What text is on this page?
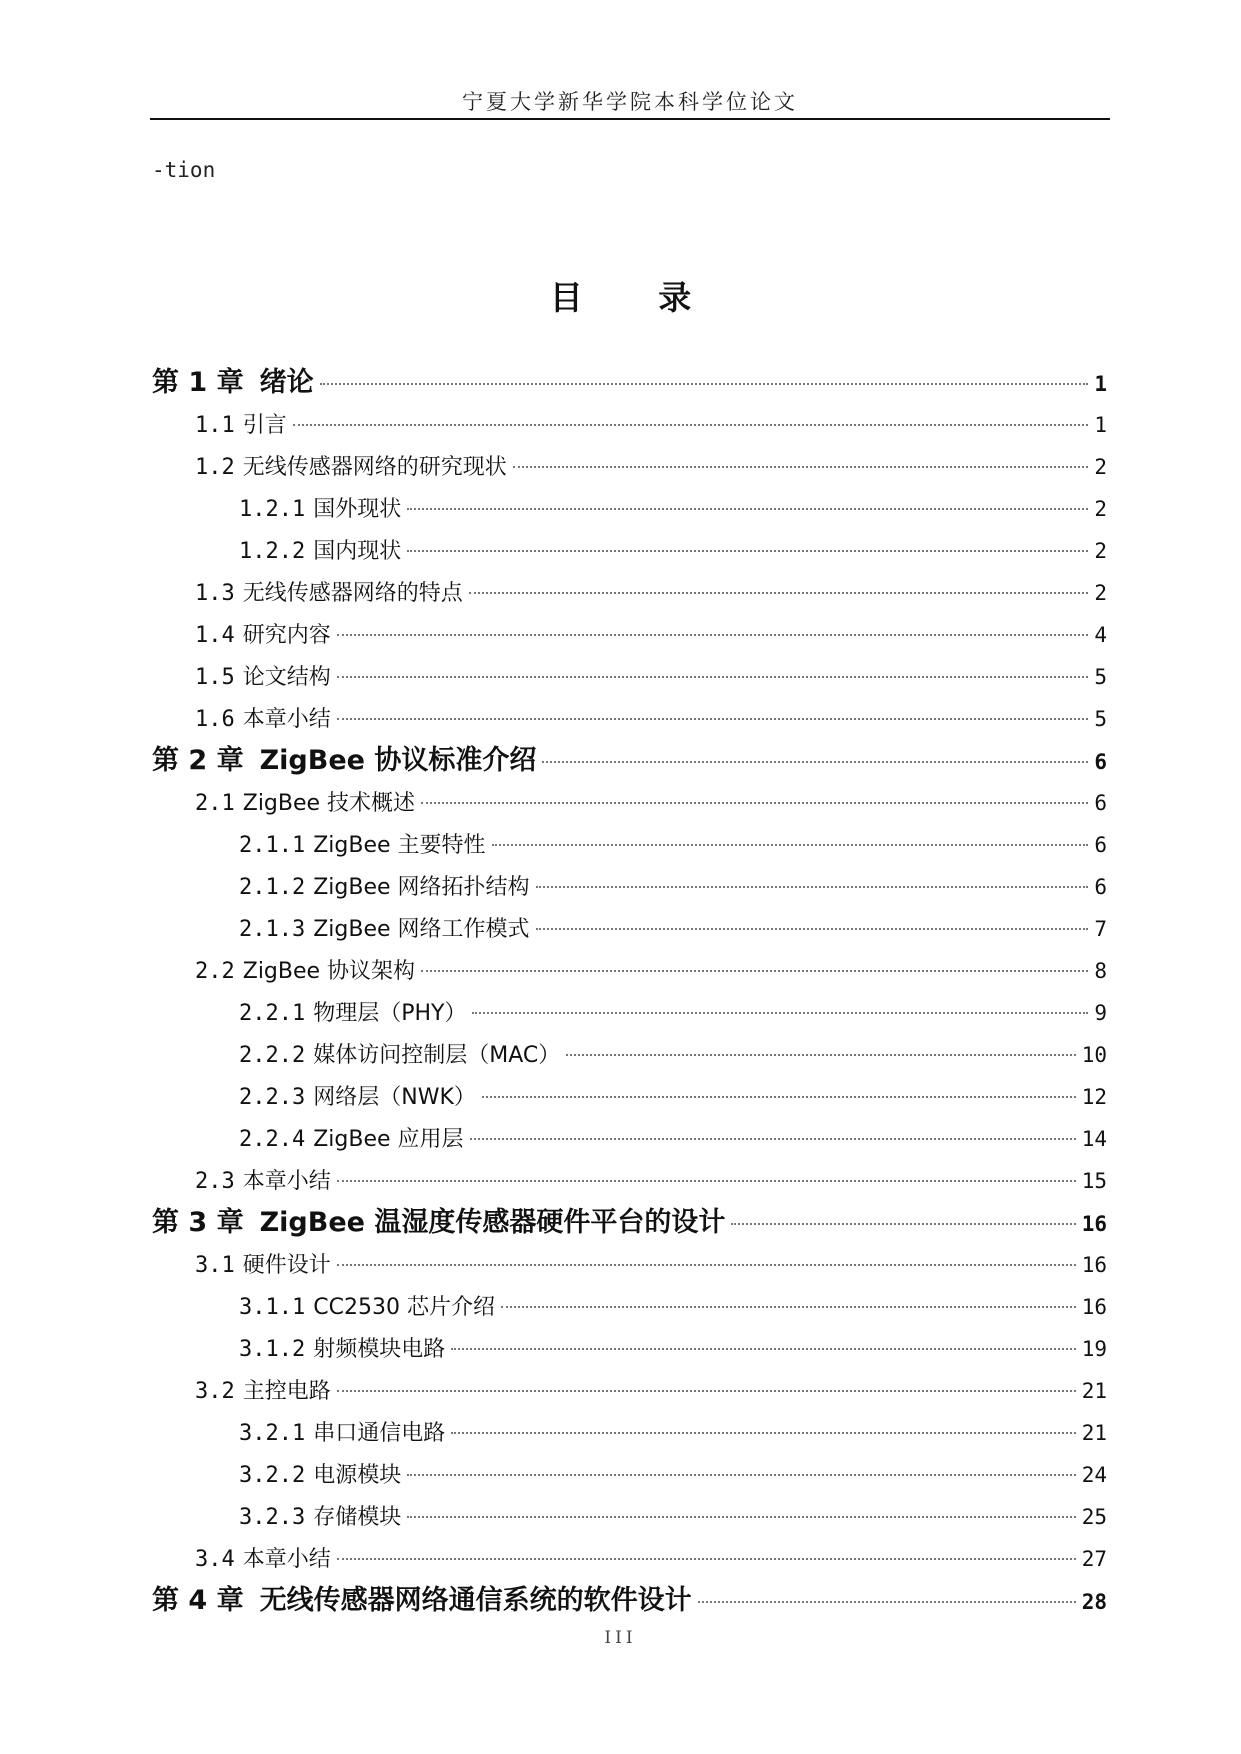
宁夏大学新华学院本科学位论文
-tion
目 录
第 1 章 绪论	1
1.1 引言	1
1.2 无线传感器网络的研究现状	2
1.2.1 国外现状	2
1.2.2 国内现状	2
1.3 无线传感器网络的特点	2
1.4 研究内容	4
1.5 论文结构	5
1.6 本章小结	5
第 2 章 ZigBee 协议标准介绍	6
2.1 ZigBee 技术概述	6
2.1.1 ZigBee 主要特性	6
2.1.2 ZigBee 网络拓扑结构	6
2.1.3 ZigBee 网络工作模式	7
2.2 ZigBee 协议架构	8
2.2.1 物理层（PHY）	9
2.2.2 媒体访问控制层（MAC）	10
2.2.3 网络层（NWK）	12
2.2.4 ZigBee 应用层	14
2.3 本章小结	15
第 3 章 ZigBee 温湿度传感器硬件平台的设计	16
3.1 硬件设计	16
3.1.1 CC2530 芯片介绍	16
3.1.2 射频模块电路	19
3.2 主控电路	21
3.2.1 串口通信电路	21
3.2.2 电源模块	24
3.2.3 存储模块	25
3.4 本章小结	27
第 4 章 无线传感器网络通信系统的软件设计	28
III
